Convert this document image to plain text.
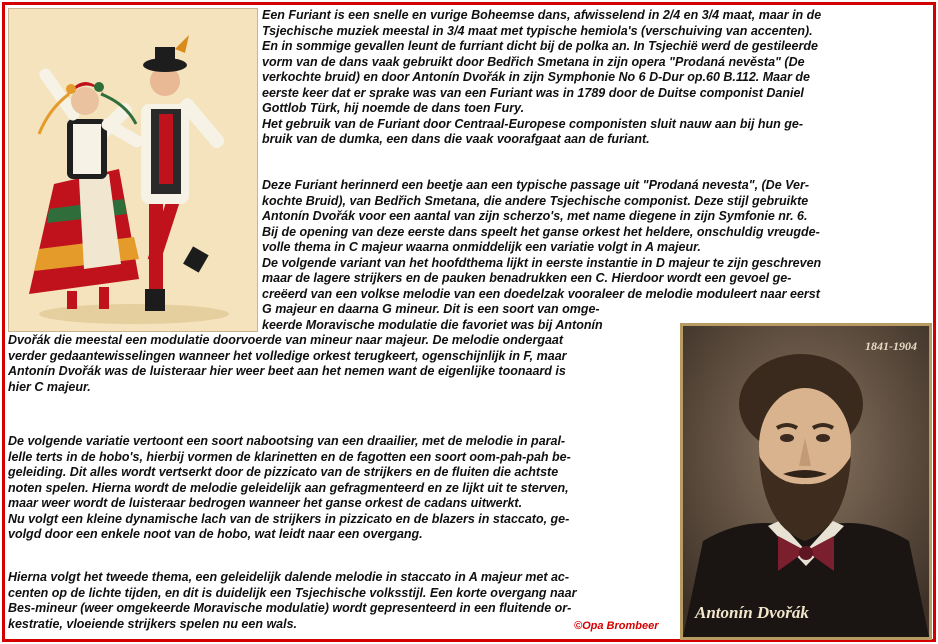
1841-1904
Antonín Dvořák
Een Furiant is een snelle en vurige Boheemse dans, afwisselend in 2/4 en 3/4 maat, maar in de
Tsjechische muziek meestal in 3/4 maat met typische hemiola's (verschuiving van accenten).
En in sommige gevallen leunt de furriant dicht bij de polka an. In Tsjechië werd de gestileerde
vorm van de dans vaak gebruikt door Bedřich Smetana in zijn opera "Prodaná nevěsta" (De
verkochte bruid) en door Antonín Dvořák in zijn Symphonie No 6 D-Dur op.60 B.112. Maar de
eerste keer dat er sprake was van een Furiant was in 1789 door de Duitse componist Daniel
Gottlob Türk, hij noemde de dans toen Fury.
Het gebruik van de Furiant door Centraal-Europese componisten sluit nauw aan bij hun ge-
bruik van de dumka, een dans die vaak voorafgaat aan de furiant.
Deze Furiant herinnerd een beetje aan een typische passage uit "Prodaná nevesta", (De Ver-
kochte Bruid), van Bedřich Smetana, die andere Tsjechische componist. Deze stijl gebruikte
Antonín Dvořák voor een aantal van zijn scherzo's, met name diegene in zijn Symfonie nr. 6.
Bij de opening van deze eerste dans speelt het ganse orkest het heldere, onschuldig vreugde-
volle thema in C majeur waarna onmiddelijk een variatie volgt in A majeur.
De volgende variant van het hoofdthema lijkt in eerste instantie in D majeur te zijn geschreven
maar de lagere strijkers en de pauken benadrukken een C. Hierdoor wordt een gevoel ge-
creëerd van een volkse melodie van een doedelzak vooraleer de melodie moduleert naar eerst
G majeur en daarna G mineur. Dit is een soort van omge-
keerde Moravische modulatie die favoriet was bij Antonín
Dvořák die meestal een modulatie doorvoerde van mineur naar majeur. De melodie ondergaat
verder gedaantewisselingen wanneer het volledige orkest terugkeert, ogenschijnlijk in F, maar
Antonín Dvořák was de luisteraar hier weer beet aan het nemen want de eigenlijke toonaard is
hier C majeur.
De volgende variatie vertoont een soort nabootsing van een draailier, met de melodie in paral-
lelle terts in de hobo's, hierbij vormen de klarinetten en de fagotten een soort oom-pah-pah be-
geleiding. Dit alles wordt vertserkt door de pizzicato van de strijkers en de fluiten die achtste
noten spelen. Hierna wordt de melodie geleidelijk aan gefragmenteerd en ze lijkt uit te sterven,
maar weer wordt de luisteraar bedrogen wanneer het ganse orkest de cadans uitwerkt.
Nu volgt een kleine dynamische lach van de strijkers in pizzicato en de blazers in staccato, ge-
volgd door een enkele noot van de hobo, wat leidt naar een overgang.
Hierna volgt het tweede thema, een geleidelijk dalende melodie in staccato in A majeur met ac-
centen op de lichte tijden, en dit is duidelijk een Tsjechische volksstijl. Een korte overgang naar
Bes-mineur (weer omgekeerde Moravische modulatie) wordt gepresenteerd in een fluitende or-
kestratie, vloeiende strijkers spelen nu een wals.	©Opa Brombeer
